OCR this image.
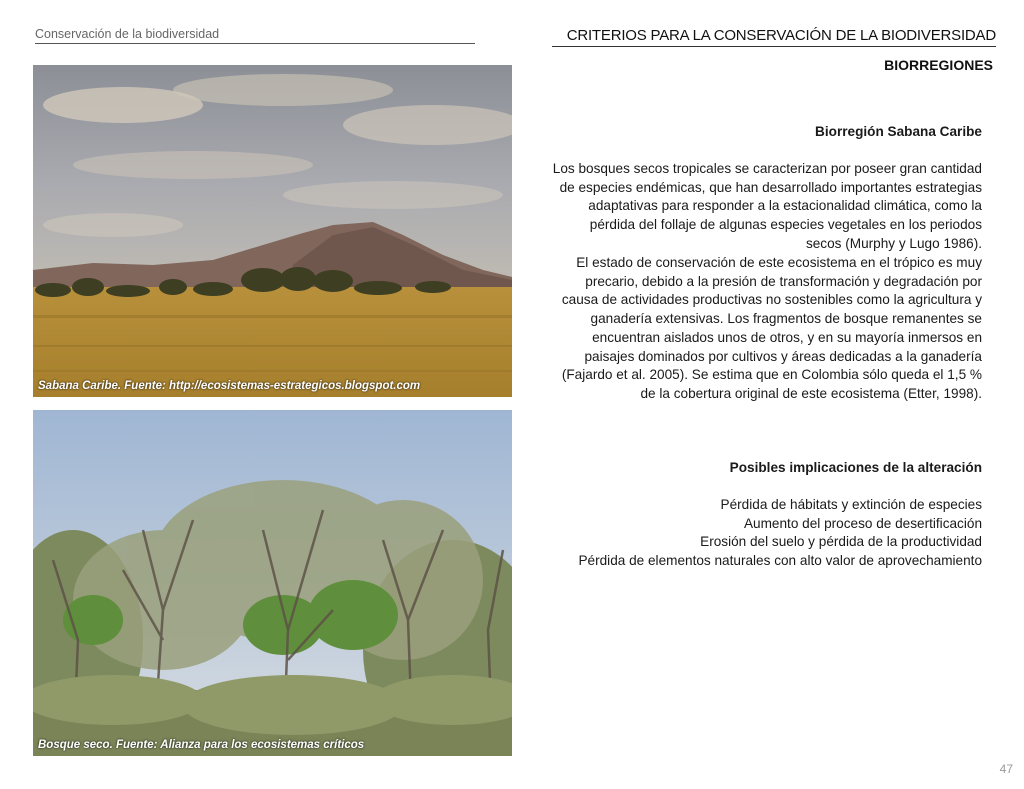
Conservación de la biodiversidad	CRITERIOS PARA LA CONSERVACIÓN DE LA BIODIVERSIDAD
BIORREGIONES
Sabana Caribe. Fuente: http://ecosistemas-estrategicos.blogspot.com
Bosque seco. Fuente: Alianza para los ecosistemas críticos
Biorregión Sabana Caribe
Los bosques secos tropicales se caracterizan por poseer gran cantidad de especies endémicas, que han desarrollado importantes estrategias adaptativas para responder a la estacionalidad climática, como la pérdida del follaje de algunas especies vegetales en los periodos secos (Murphy y Lugo 1986).
El estado de conservación de este ecosistema en el trópico es muy precario, debido a la presión de transformación y degradación por causa de actividades productivas no sostenibles como la agricultura y ganadería extensivas. Los fragmentos de bosque remanentes se encuentran aislados unos de otros, y en su mayoría inmersos en paisajes dominados por cultivos y áreas dedicadas a la ganadería (Fajardo et al. 2005). Se estima que en Colombia sólo queda el 1,5 % de la cobertura original de este ecosistema (Etter, 1998).
Posibles implicaciones de la alteración
Pérdida de hábitats y extinción de especies
Aumento del proceso de desertificación
Erosión del suelo y pérdida de la productividad
Pérdida de elementos naturales con alto valor de aprovechamiento
47
